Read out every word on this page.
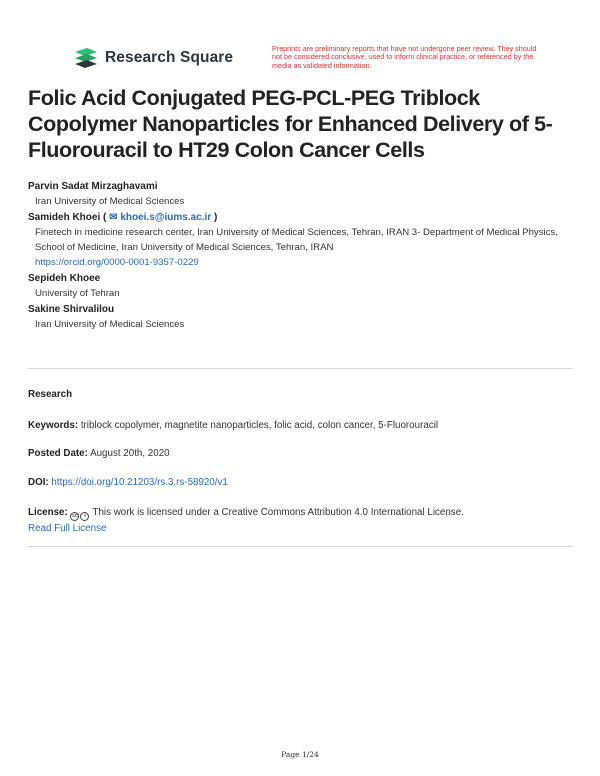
Research Square
Preprints are preliminary reports that have not undergone peer review. They should not be considered conclusive, used to inform clinical practice, or referenced by the media as validated information.
Folic Acid Conjugated PEG-PCL-PEG Triblock Copolymer Nanoparticles for Enhanced Delivery of 5-Fluorouracil to HT29 Colon Cancer Cells
Parvin Sadat Mirzaghavami
Iran University of Medical Sciences
Samideh Khoei ( ✉ khoei.s@iums.ac.ir )
Finetech in medicine research center, Iran University of Medical Sciences, Tehran, IRAN 3- Department of Medical Physics, School of Medicine, Iran University of Medical Sciences, Tehran, IRAN
https://orcid.org/0000-0001-9357-0229
Sepideh Khoee
University of Tehran
Sakine Shirvalilou
Iran University of Medical Sciences
Research
Keywords: triblock copolymer, magnetite nanoparticles, folic acid, colon cancer, 5-Fluorouracil
Posted Date: August 20th, 2020
DOI: https://doi.org/10.21203/rs.3.rs-58920/v1
License: cc	i This work is licensed under a Creative Commons Attribution 4.0 International License.
Read Full License
Page 1/24
